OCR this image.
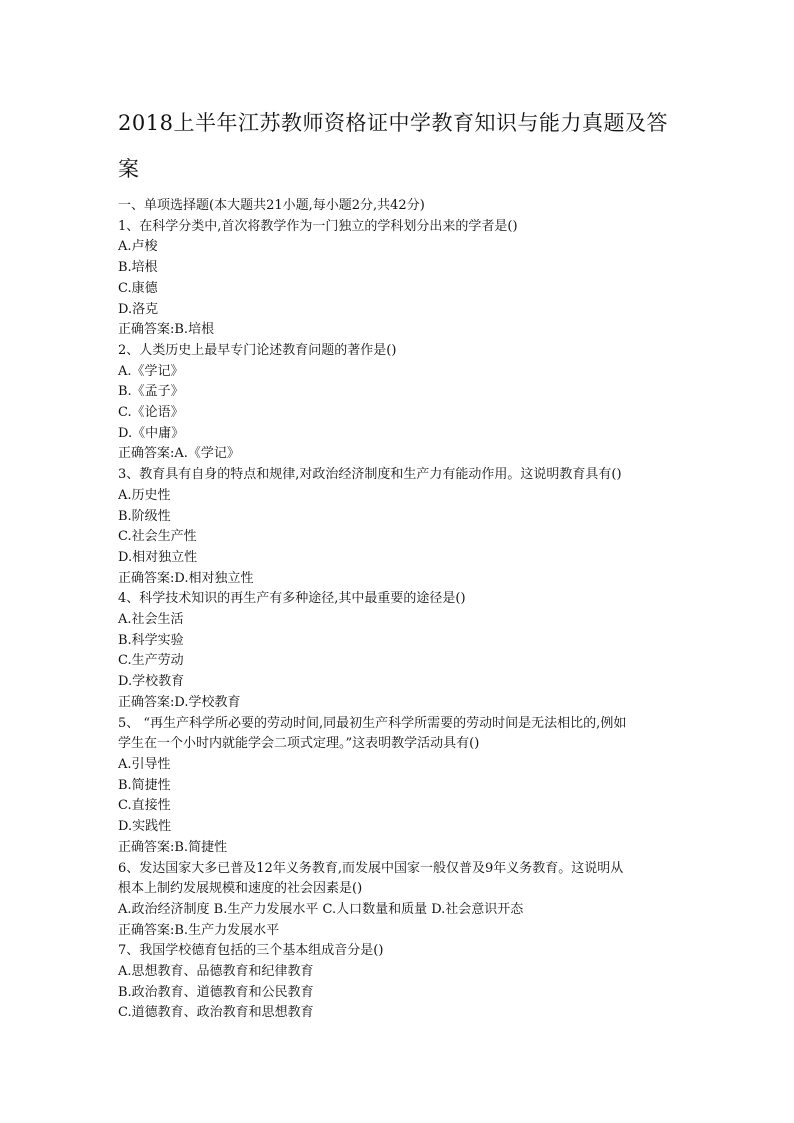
2018上半年江苏教师资格证中学教育知识与能力真题及答
案
一、单项选择题(本大题共21小题,每小题2分,共42分)
1、在科学分类中,首次将教学作为一门独立的学科划分出来的学者是()
A.卢梭
B.培根
C.康德
D.洛克
正确答案:B.培根
2、人类历史上最早专门论述教育问题的著作是()
A.《学记》
B.《孟子》
C.《论语》
D.《中庸》
正确答案:A.《学记》
3、教育具有自身的特点和规律,对政治经济制度和生产力有能动作用。这说明教育具有()
A.历史性
B.阶级性
C.社会生产性
D.相对独立性
正确答案:D.相对独立性
4、科学技术知识的再生产有多种途径,其中最重要的途径是()
A.社会生活
B.科学实验
C.生产劳动
D.学校教育
正确答案:D.学校教育
5、 “再生产科学所必要的劳动时间,同最初生产科学所需要的劳动时间是无法相比的,例如
学生在一个小时内就能学会二项式定理。”这表明教学活动具有()
A.引导性
B.简捷性
C.直接性
D.实践性
正确答案:B.简捷性
6、发达国家大多已普及12年义务教育,而发展中国家一般仅普及9年义务教育。这说明从
根本上制约发展规模和速度的社会因素是()
A.政治经济制度 B.生产力发展水平 C.人口数量和质量 D.社会意识开态
正确答案:B.生产力发展水平
7、我国学校德育包括的三个基本组成音分是()
A.思想教育、品德教育和纪律教育
B.政治教育、道德教育和公民教育
C.道德教育、政治教育和思想教育
